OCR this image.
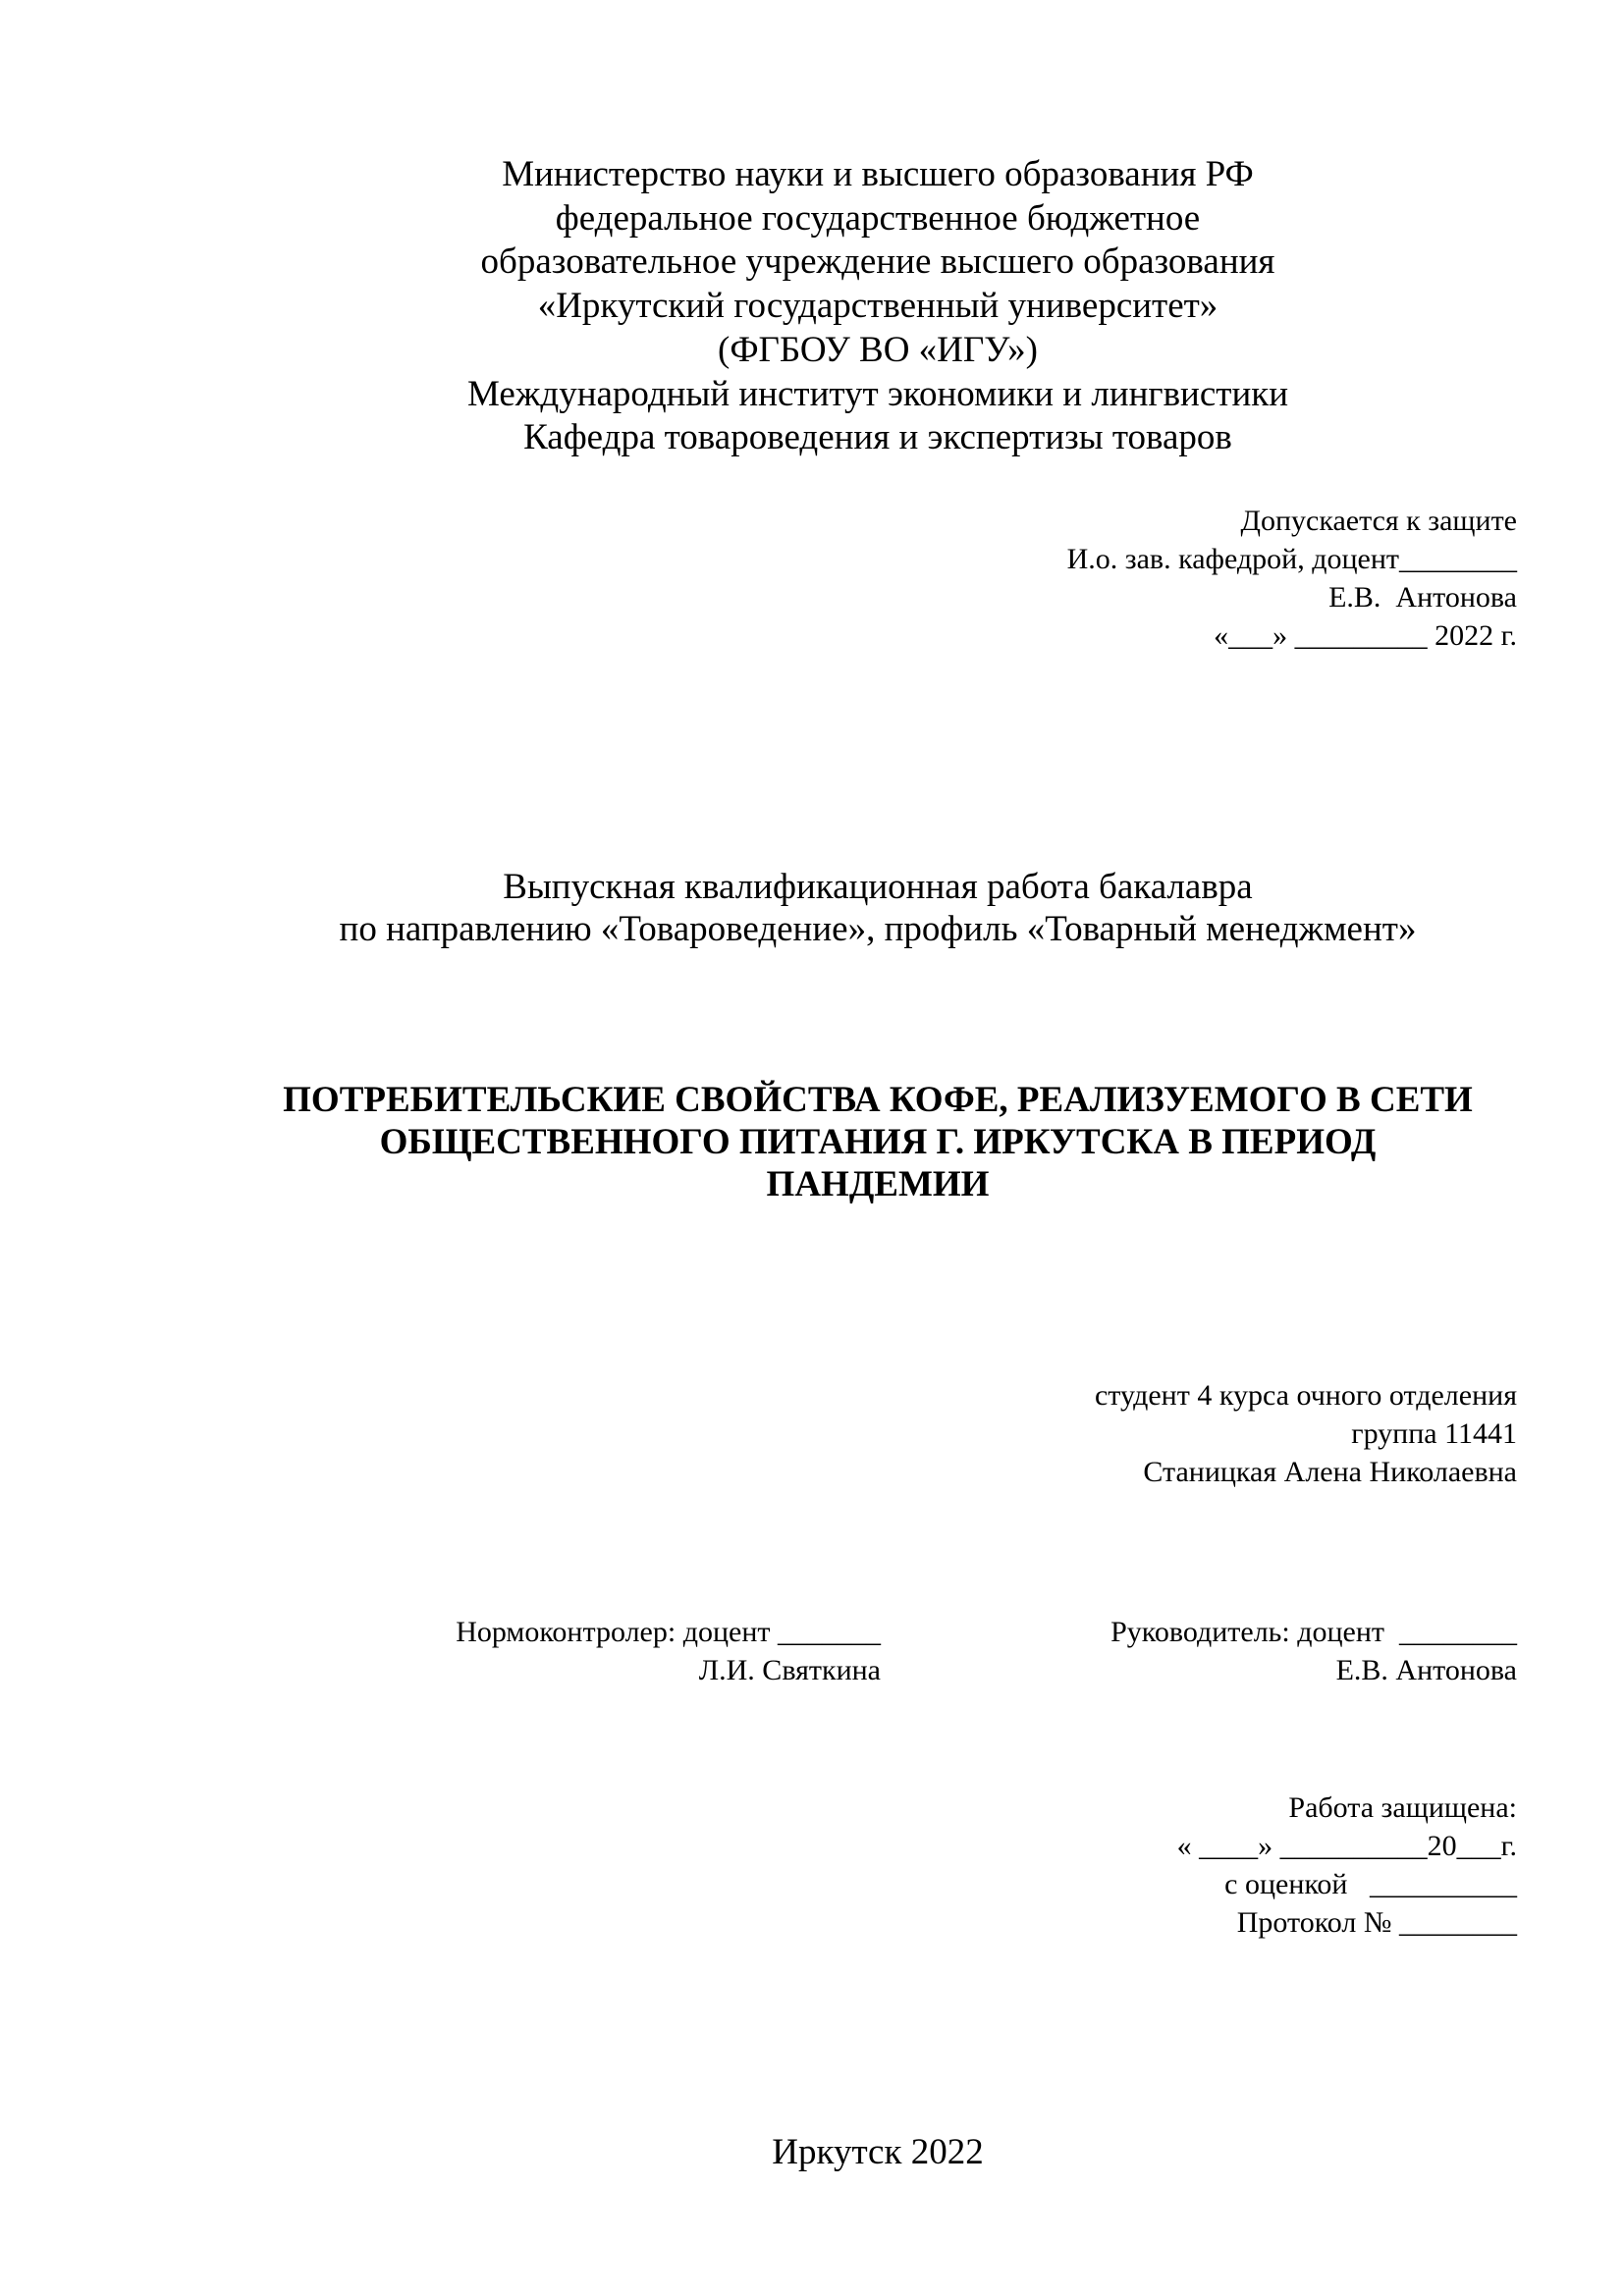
Министерство науки и высшего образования РФ
федеральное государственное бюджетное
образовательное учреждение высшего образования
«Иркутский государственный университет»
(ФГБОУ ВО «ИГУ»)
Международный институт экономики и лингвистики
Кафедра товароведения и экспертизы товаров
Допускается к защите
И.о. зав. кафедрой, доцент________
Е.В.  Антонова
«___» _________ 2022 г.
Выпускная квалификационная работа бакалавра
по направлению «Товароведение», профиль «Товарный менеджмент»
ПОТРЕБИТЕЛЬСКИЕ СВОЙСТВА КОФЕ, РЕАЛИЗУЕМОГО В СЕТИ
ОБЩЕСТВЕННОГО ПИТАНИЯ Г. ИРКУТСКА В ПЕРИОД
ПАНДЕМИИ
студент 4 курса очного отделения
группа 11441
Станицкая Алена Николаевна
Нормоконтролер: доцент _______
Л.И. Святкина
Руководитель: доцент  ________
Е.В. Антонова
Работа защищена:
« ____» __________20___г.
с оценкой   __________
Протокол № ________
Иркутск 2022
